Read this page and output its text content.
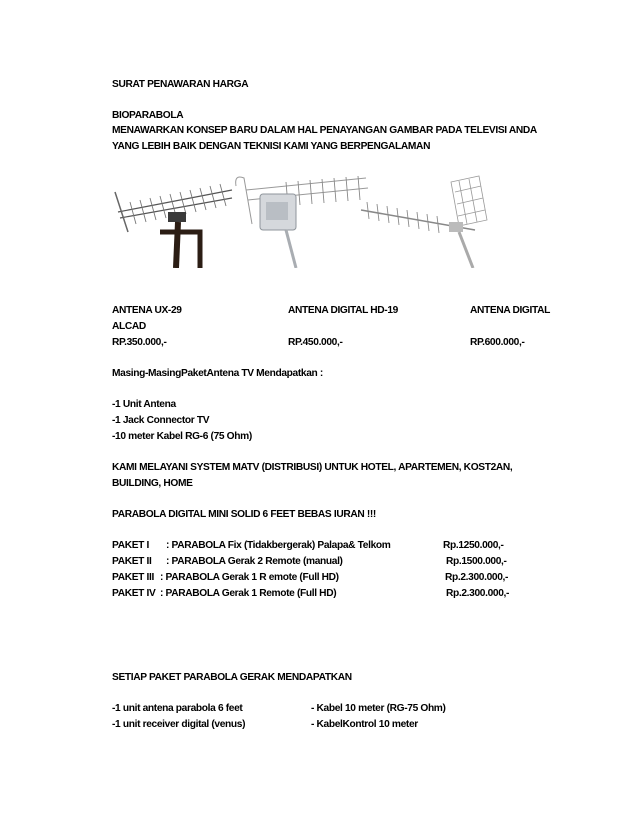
SURAT PENAWARAN HARGA
BIOPARABOLA
MENAWARKAN KONSEP BARU DALAM HAL PENAYANGAN GAMBAR PADA TELEVISI ANDA
YANG LEBIH BAIK DENGAN TEKNISI KAMI YANG BERPENGALAMAN
ANTENA UX-29	ANTENA DIGITAL HD-19	ANTENA DIGITAL
ALCAD
RP.350.000,-	RP.450.000,-	RP.600.000,-
Masing-MasingPaketAntena TV Mendapatkan :
-1 Unit Antena
-1 Jack Connector TV
-10 meter Kabel RG-6 (75 Ohm)
KAMI MELAYANI SYSTEM MATV (DISTRIBUSI) UNTUK HOTEL, APARTEMEN, KOST2AN,
BUILDING, HOME
PARABOLA DIGITAL MINI SOLID 6 FEET BEBAS IURAN !!!
PAKET I : PARABOLA Fix (Tidakbergerak) Palapa& Telkom	Rp.1250.000,-
PAKET II : PARABOLA Gerak 2 Remote (manual)	Rp.1500.000,-
PAKET III : PARABOLA Gerak 1 R emote (Full HD)	Rp.2.300.000,-
PAKET IV : PARABOLA Gerak 1 Remote (Full HD)	Rp.2.300.000,-
SETIAP PAKET PARABOLA GERAK MENDAPATKAN
-1 unit antena parabola 6 feet	- Kabel 10 meter (RG-75 Ohm)
-1 unit receiver digital (venus)	- KabelKontrol 10 meter
